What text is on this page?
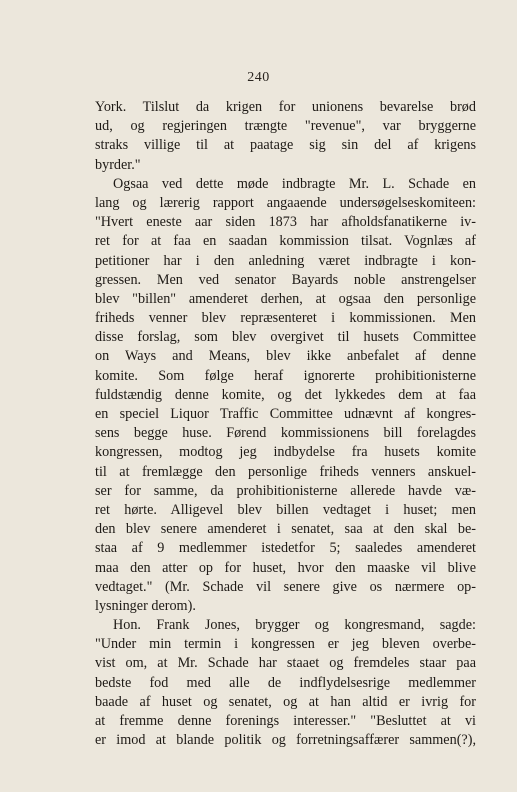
240
York. Tilslut da krigen for unionens bevarelse brød
ud, og regjeringen trængte "revenue", var bryggerne
straks villige til at paatage sig sin del af krigens
byrder."
Ogsaa ved dette møde indbragte Mr. L. Schade en
lang og lærerig rapport angaaende undersøgelseskomiteen:
"Hvert eneste aar siden 1873 har afholdsfanatikerne iv-
ret for at faa en saadan kommission tilsat. Vognlæs af
petitioner har i den anledning været indbragte i kon-
gressen. Men ved senator Bayards noble anstrengelser
blev "billen" amenderet derhen, at ogsaa den personlige
friheds venner blev repræsenteret i kommissionen. Men
disse forslag, som blev overgivet til husets Committee
on Ways and Means, blev ikke anbefalet af denne
komite. Som følge heraf ignorerte prohibitionisterne
fuldstændig denne komite, og det lykkedes dem at faa
en speciel Liquor Traffic Committee udnævnt af kongres-
sens begge huse. Førend kommissionens bill forelagdes
kongressen, modtog jeg indbydelse fra husets komite
til at fremlægge den personlige friheds venners anskuel-
ser for samme, da prohibitionisterne allerede havde væ-
ret hørte. Alligevel blev billen vedtaget i huset; men
den blev senere amenderet i senatet, saa at den skal be-
staa af 9 medlemmer istedetfor 5; saaledes amenderet
maa den atter op for huset, hvor den maaske vil blive
vedtaget." (Mr. Schade vil senere give os nærmere op-
lysninger derom).
Hon. Frank Jones, brygger og kongresmand, sagde:
"Under min termin i kongressen er jeg bleven overbe-
vist om, at Mr. Schade har staaet og fremdeles staar paa
bedste fod med alle de indflydelsesrige medlemmer
baade af huset og senatet, og at han altid er ivrig for
at fremme denne forenings interesser." "Besluttet at vi
er imod at blande politik og forretningsaffærer sammen(?),
